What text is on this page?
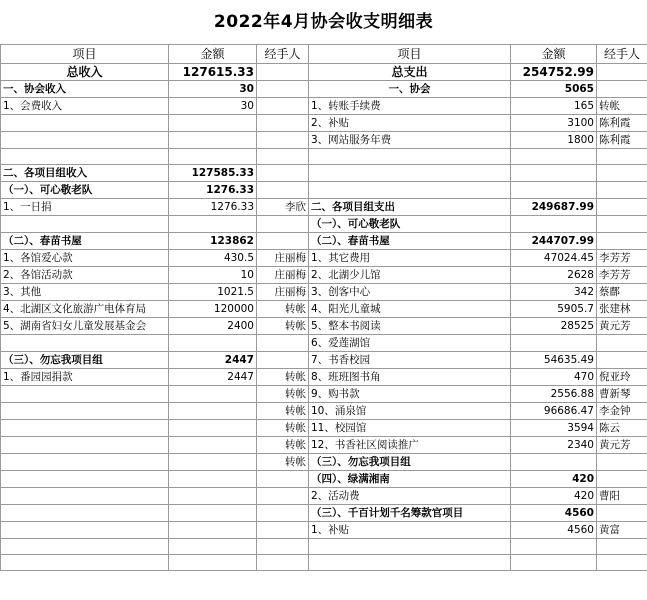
2022年4月协会收支明细表
项目	金额	经手人	项目	金额	经手人
总收入	127615.33		总支出	254752.99	
一、协会收入	30		一、协会	5065	
1、会费收入	30		1、转账手续费	165	转帐
			2、补贴	3100	陈利霞
			3、网站服务年费	1800	陈利霞

二、各项目组收入	127585.33				
（一）、可心敬老队	1276.33				
1、一日捐	1276.33	李欣	二、各项目组支出	249687.99	
			（一）、可心敬老队		
（二）、春苗书屋	123862		（二）、春苗书屋	244707.99	
1、各馆爱心款	430.5	庄丽梅	1、其它费用	47024.45	李芳芳
2、各馆活动款	10	庄丽梅	2、北湖少儿馆	2628	李芳芳
3、其他	1021.5	庄丽梅	3、创客中心	342	蔡鄜
4、北湖区文化旅游广电体育局	120000	转帐	4、阳光儿童城	5905.7	张建林
5、湖南省妇女儿童发展基金会	2400	转帐	5、整本书阅读	28525	黄元芳
			6、爱莲湖馆		
（三）、勿忘我项目组	2447		7、书香校园	54635.49	
1、番园园捐款	2447	转帐	8、班班图书角	470	倪亚玲
		转帐	9、购书款	2556.88	曹新琴
		转帐	10、涌泉馆	96686.47	李金钟
		转帐	11、校园馆	3594	陈云
		转帐	12、书香社区阅读推广	2340	黄元芳
		转帐	（三）、勿忘我项目组		
			（四）、绿满湘南	420	
			2、活动费	420	曹阳
			（三）、千百计划千名筹款官项目	4560	
			1、补贴	4560	黄富
